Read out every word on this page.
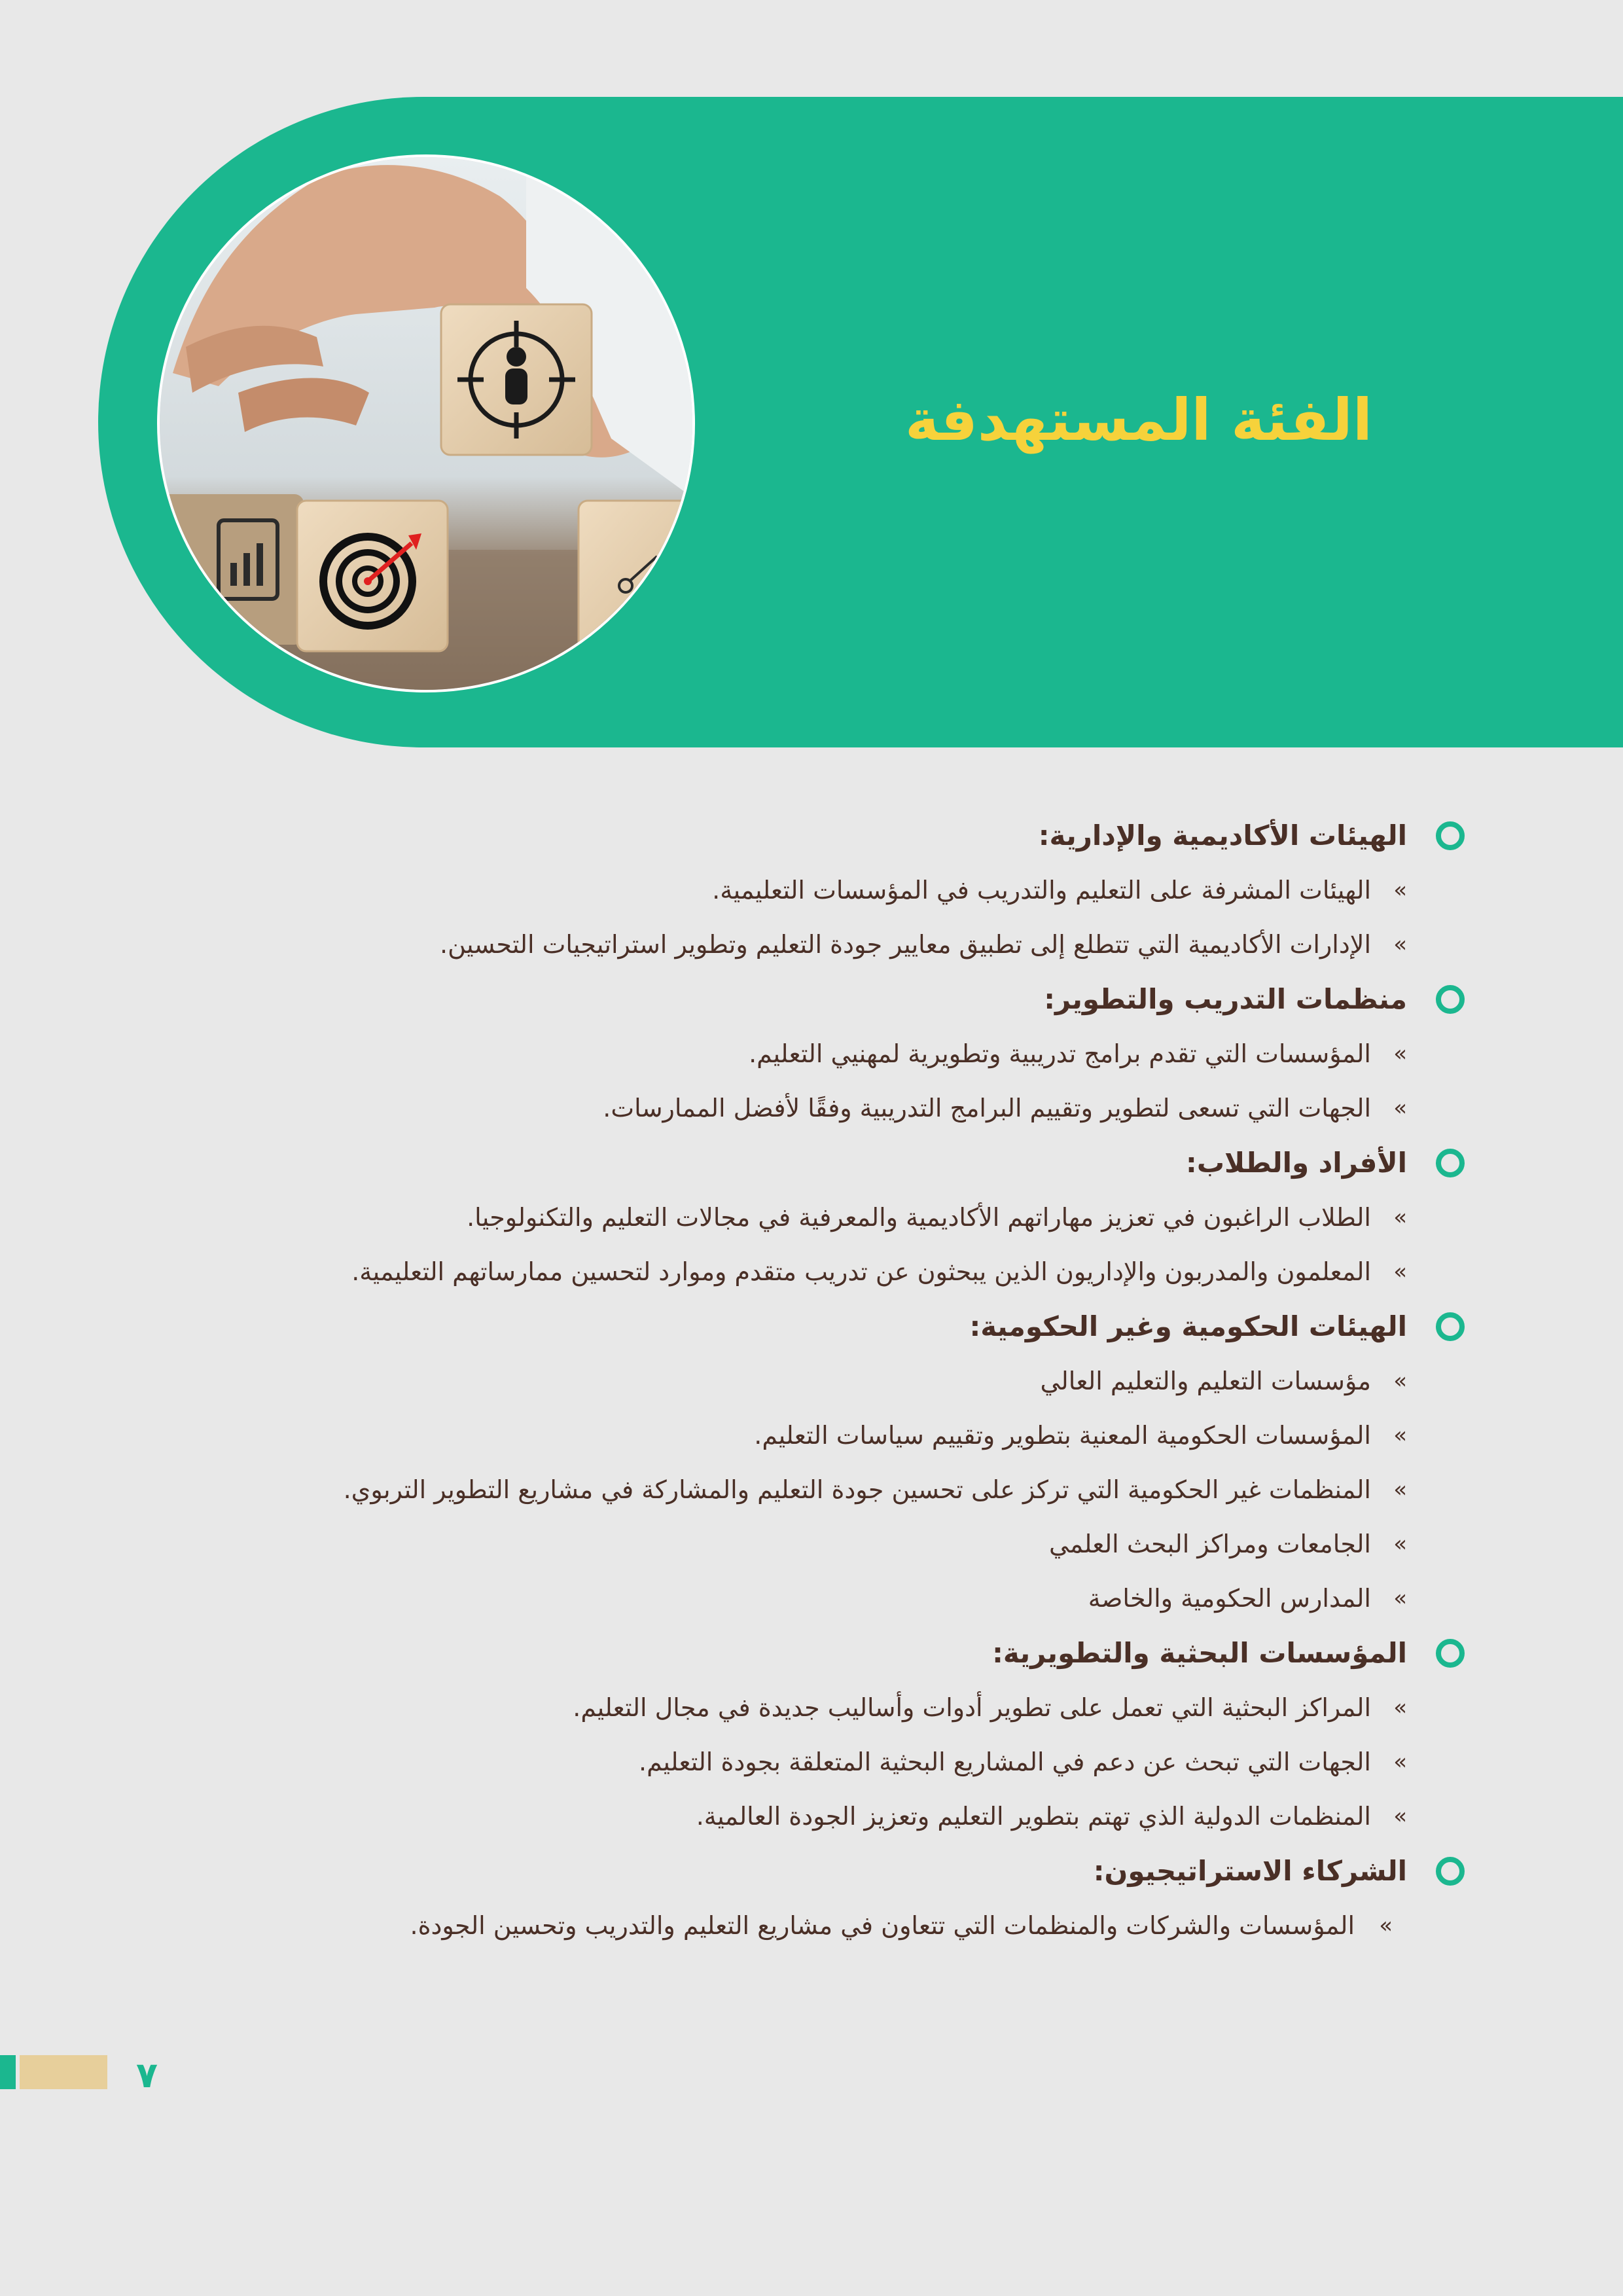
الفئة المستهدفة
الهيئات الأكاديمية والإدارية:
»
الهيئات المشرفة على التعليم والتدريب في المؤسسات التعليمية.
»
الإدارات الأكاديمية التي تتطلع إلى تطبيق معايير جودة التعليم وتطوير استراتيجيات التحسين.
منظمات التدريب والتطوير:
»
المؤسسات التي تقدم برامج تدريبية وتطويرية لمهنيي التعليم.
»
الجهات التي تسعى لتطوير وتقييم البرامج التدريبية وفقًا لأفضل الممارسات.
الأفراد والطلاب:
»
الطلاب الراغبون في تعزيز مهاراتهم الأكاديمية والمعرفية في مجالات التعليم والتكنولوجيا.
»
المعلمون والمدربون والإداريون الذين يبحثون عن تدريب متقدم وموارد لتحسين ممارساتهم التعليمية.
الهيئات الحكومية وغير الحكومية:
»
مؤسسات التعليم والتعليم العالي
»
المؤسسات الحكومية المعنية بتطوير وتقييم سياسات التعليم.
»
المنظمات غير الحكومية التي تركز على تحسين جودة التعليم والمشاركة في مشاريع التطوير التربوي.
»
الجامعات ومراكز البحث العلمي
»
المدارس الحكومية والخاصة
المؤسسات البحثية والتطويرية:
»
المراكز البحثية التي تعمل على تطوير أدوات وأساليب جديدة في مجال التعليم.
»
الجهات التي تبحث عن دعم في المشاريع البحثية المتعلقة بجودة التعليم.
»
المنظمات الدولية الذي تهتم بتطوير التعليم وتعزيز الجودة العالمية.
الشركاء الاستراتيجيون:
»
المؤسسات والشركات والمنظمات التي تتعاون في مشاريع التعليم والتدريب وتحسين الجودة.
٧
